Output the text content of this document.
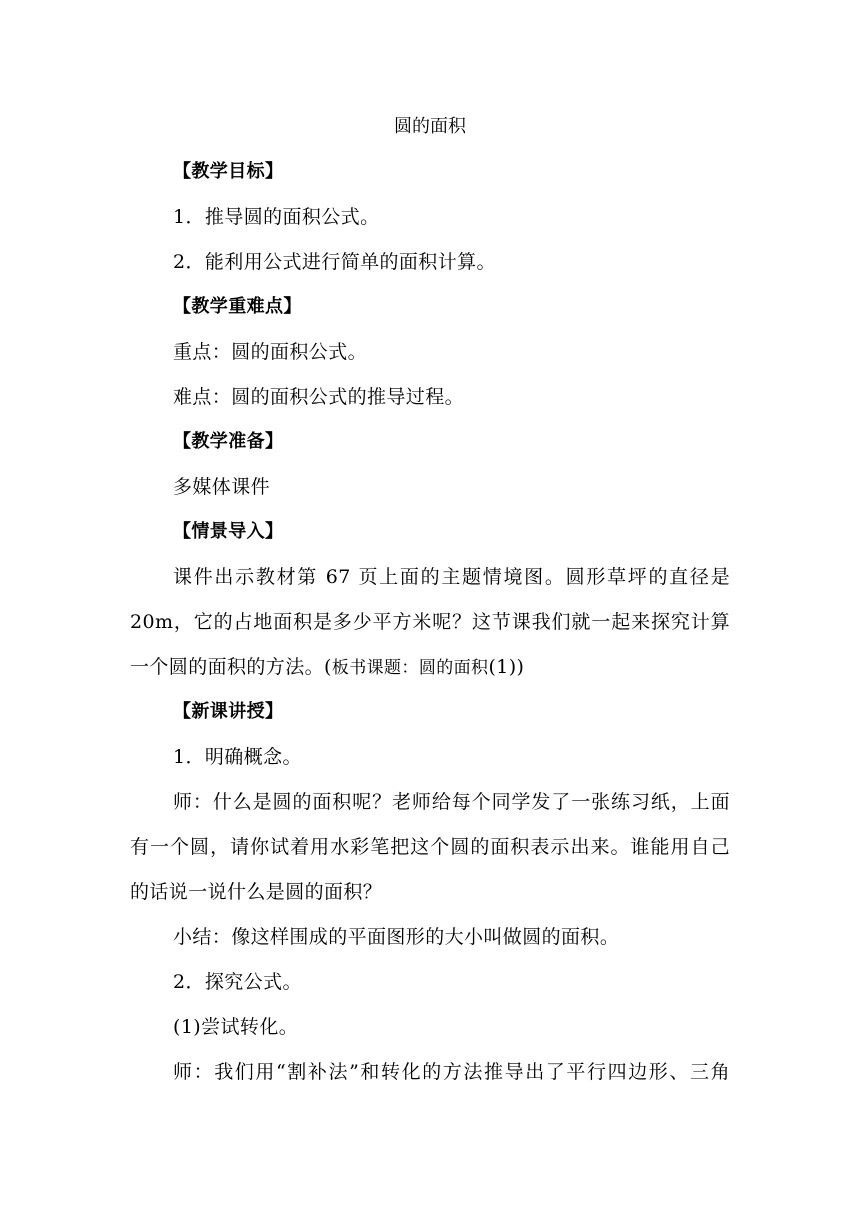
圆的面积
【教学目标】
1．推导圆的面积公式。
2．能利用公式进行简单的面积计算。
【教学重难点】
重点：圆的面积公式。
难点：圆的面积公式的推导过程。
【教学准备】
多媒体课件
【情景导入】
课件出示教材第 67 页上面的主题情境图。圆形草坪的直径是
20m，它的占地面积是多少平方米呢？这节课我们就一起来探究计算
一个圆的面积的方法。(板书课题：圆的面积(1))
【新课讲授】
1．明确概念。
师：什么是圆的面积呢？老师给每个同学发了一张练习纸，上面
有一个圆，请你试着用水彩笔把这个圆的面积表示出来。谁能用自己
的话说一说什么是圆的面积？
小结：像这样围成的平面图形的大小叫做圆的面积。
2．探究公式。
(1)尝试转化。
师：我们用“割补法”和转化的方法推导出了平行四边形、三角
